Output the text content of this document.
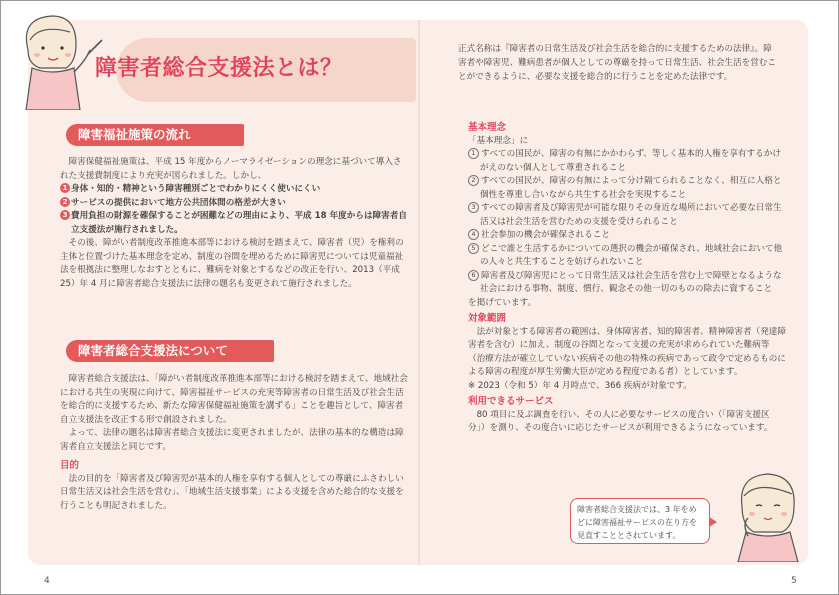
障害者総合支援法とは？
正式名称は『障害者の日常生活及び社会生活を総合的に支援するための法律』。障害者や障害児、難病患者が個人としての尊厳を持って日常生活、社会生活を営むことができるように、必要な支援を総合的に行うことを定めた法律です。
障害福祉施策の流れ

障害保健福祉施策は、平成 15 年度からノーマライゼーションの理念に基づいて導入された支援費制度により充実が図られました。しかし、

1 身体・知的・精神という障害種別ごとでわかりにくく使いにくい

2 サービスの提供において地方公共団体間の格差が大きい

3 費用負担の財源を確保することが困難などの理由により、平成 18 年度からは障害者自立支援法が施行されました。

その後、障がい者制度改革推進本部等における検討を踏まえて、障害者（児）を権利の主体と位置づけた基本理念を定め、制度の谷間を埋めるために障害児については児童福祉法を根拠法に整理しなおすとともに、難病を対象とするなどの改正を行い、2013（平成 25）年 4 月に障害者総合支援法に法律の題名も変更されて施行されました。

障害者総合支援法について

障害者総合支援法は、「障がい者制度改革推進本部等における検討を踏まえて、地域社会における共生の実現に向けて、障害福祉サービスの充実等障害者の日常生活及び社会生活を総合的に支援するため、新たな障害保健福祉施策を講ずる」ことを趣旨として、障害者自立支援法を改正する形で創設されました。

よって、法律の題名は障害者総合支援法に変更されましたが、法律の基本的な構造は障害者自立支援法と同じです。

目的

法の目的を「障害者及び障害児が基本的人権を享有する個人としての尊厳にふさわしい日常生活又は社会生活を営む」、「地域生活支援事業」による支援を含めた総合的な支援を行うことも明記されました。

基本理念

「基本理念」に

1 すべての国民が、障害の有無にかかわらず、等しく基本的人権を享有するかけがえのない個人として尊重されること

2 すべての国民が、障害の有無によって分け隔てられることなく、相互に人格と個性を尊重し合いながら共生する社会を実現すること

3 すべての障害者及び障害児が可能な限りその身近な場所において必要な日常生活又は社会生活を営むための支援を受けられること

4 社会参加の機会が確保されること

5 どこで誰と生活するかについての選択の機会が確保され、地域社会において他の人々と共生することを妨げられないこと

6 障害者及び障害児にとって日常生活又は社会生活を営む上で障壁となるような社会における事物、制度、慣行、観念その他一切のものの除去に資すること

を掲げています。

対象範囲

法が対象とする障害者の範囲は、身体障害者、知的障害者、精神障害者（発達障害者を含む）に加え、制度の谷間となって支援の充実が求められていた難病等（治療方法が確立していない疾病その他の特殊の疾病であって政令で定めるものによる障害の程度が厚生労働大臣が定める程度である者）としています。

※ 2023（令和 5）年 4 月時点で、366 疾病が対象です。

利用できるサービス

80 項目に及ぶ調査を行い、その人に必要なサービスの度合い（「障害支援区分」）を測り、その度合いに応じたサービスが利用できるようになっています。

障害者総合支援法では、3 年をめどに障害福祉サービスの在り方を見直すこととされています。
4	5
